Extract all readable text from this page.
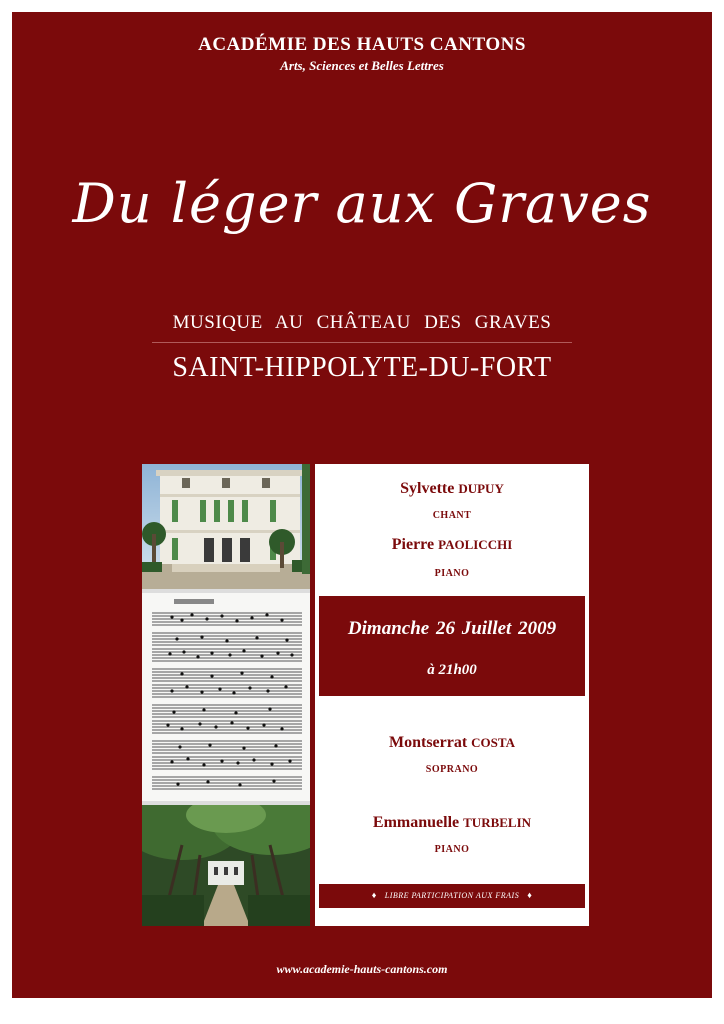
ACADÉMIE DES HAUTS CANTONS
Arts, Sciences et Belles Lettres
Du léger aux Graves
MUSIQUE AU CHÂTEAU DES GRAVES
SAINT-HIPPOLYTE-DU-FORT
Sylvette DUPUY
CHANT
Pierre PAOLICCHI
PIANO
Dimanche 26 Juillet 2009
à 21h00
Montserrat COSTA
SOPRANO
Emmanuelle TURBELIN
PIANO
♦ LIBRE PARTICIPATION AUX FRAIS ♦
www.academie-hauts-cantons.com
